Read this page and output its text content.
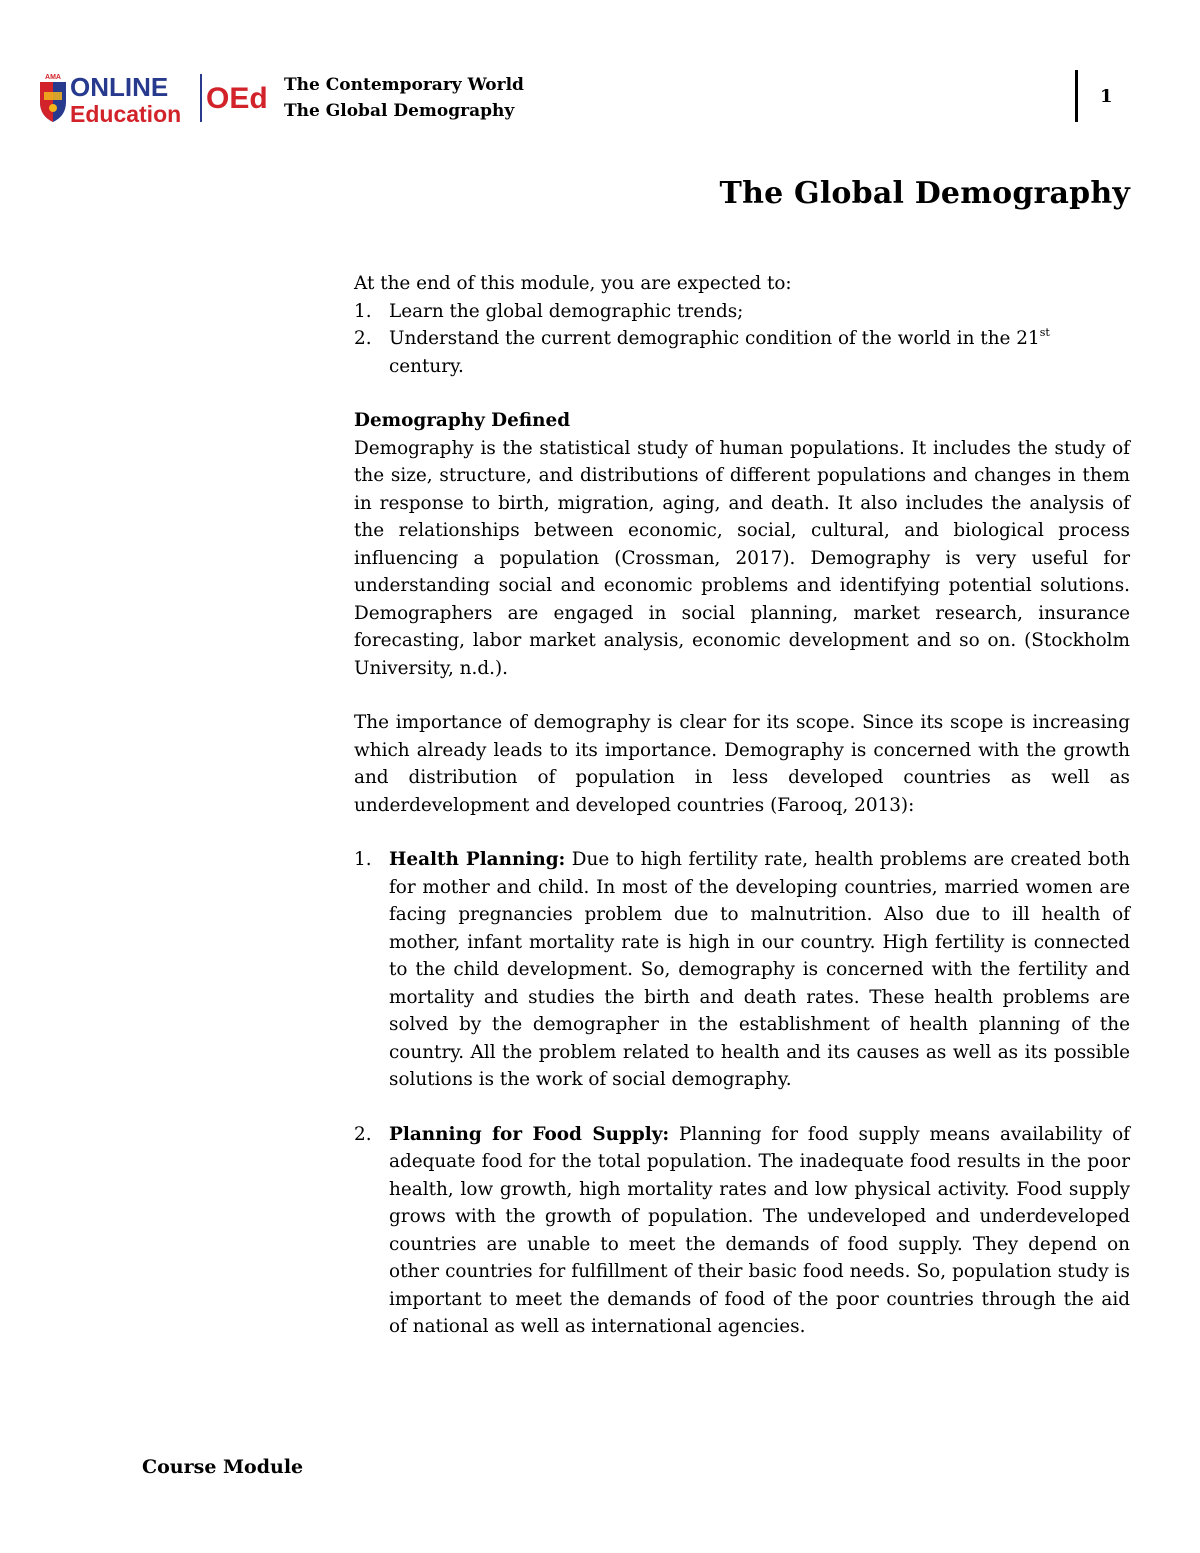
AMA ONLINE
Education OEd The Contemporary World
The Global Demography
1
The Global Demography

At the end of this module, you are expected to:

1. Learn the global demographic trends;
2. Understand the current demographic condition of the world in the 21st century.

Demography Defined

Demography is the statistical study of human populations. It includes the study of the size, structure, and distributions of different populations and changes in them in response to birth, migration, aging, and death. It also includes the analysis of the relationships between economic, social, cultural, and biological process influencing a population (Crossman, 2017). Demography is very useful for understanding social and economic problems and identifying potential solutions. Demographers are engaged in social planning, market research, insurance forecasting, labor market analysis, economic development and so on. (Stockholm University, n.d.).

The importance of demography is clear for its scope. Since its scope is increasing which already leads to its importance. Demography is concerned with the growth and distribution of population in less developed countries as well as underdevelopment and developed countries (Farooq, 2013):

1. Health Planning: Due to high fertility rate, health problems are created both for mother and child. In most of the developing countries, married women are facing pregnancies problem due to malnutrition. Also due to ill health of mother, infant mortality rate is high in our country. High fertility is connected to the child development. So, demography is concerned with the fertility and mortality and studies the birth and death rates. These health problems are solved by the demographer in the establishment of health planning of the country. All the problem related to health and its causes as well as its possible solutions is the work of social demography.
2. Planning for Food Supply: Planning for food supply means availability of adequate food for the total population. The inadequate food results in the poor health, low growth, high mortality rates and low physical activity. Food supply grows with the growth of population. The undeveloped and underdeveloped countries are unable to meet the demands of food supply. They depend on other countries for fulfillment of their basic food needs. So, population study is important to meet the demands of food of the poor countries through the aid of national as well as international agencies.
Course Module
